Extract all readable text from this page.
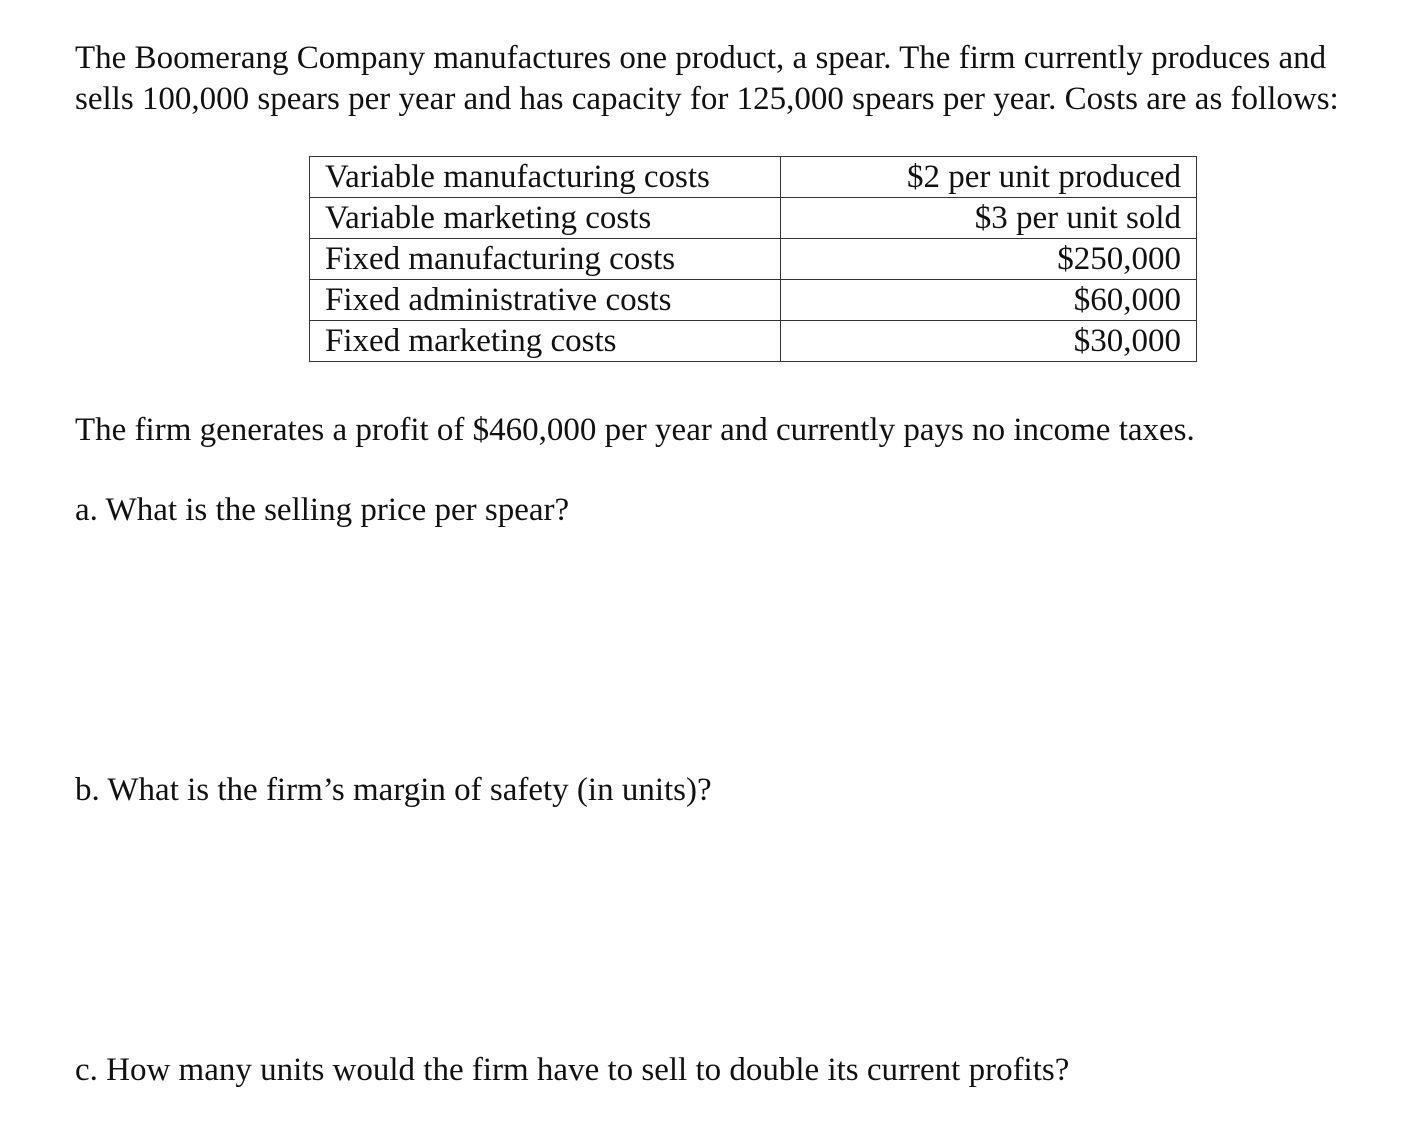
The Boomerang Company manufactures one product, a spear. The firm currently produces and
sells 100,000 spears per year and has capacity for 125,000 spears per year. Costs are as follows:

Variable manufacturing costs	$2 per unit produced
Variable marketing costs	$3 per unit sold
Fixed manufacturing costs	$250,000
Fixed administrative costs	$60,000
Fixed marketing costs	$30,000

The firm generates a profit of $460,000 per year and currently pays no income taxes.

a. What is the selling price per spear?

b. What is the firm’s margin of safety (in units)?

c. How many units would the firm have to sell to double its current profits?
